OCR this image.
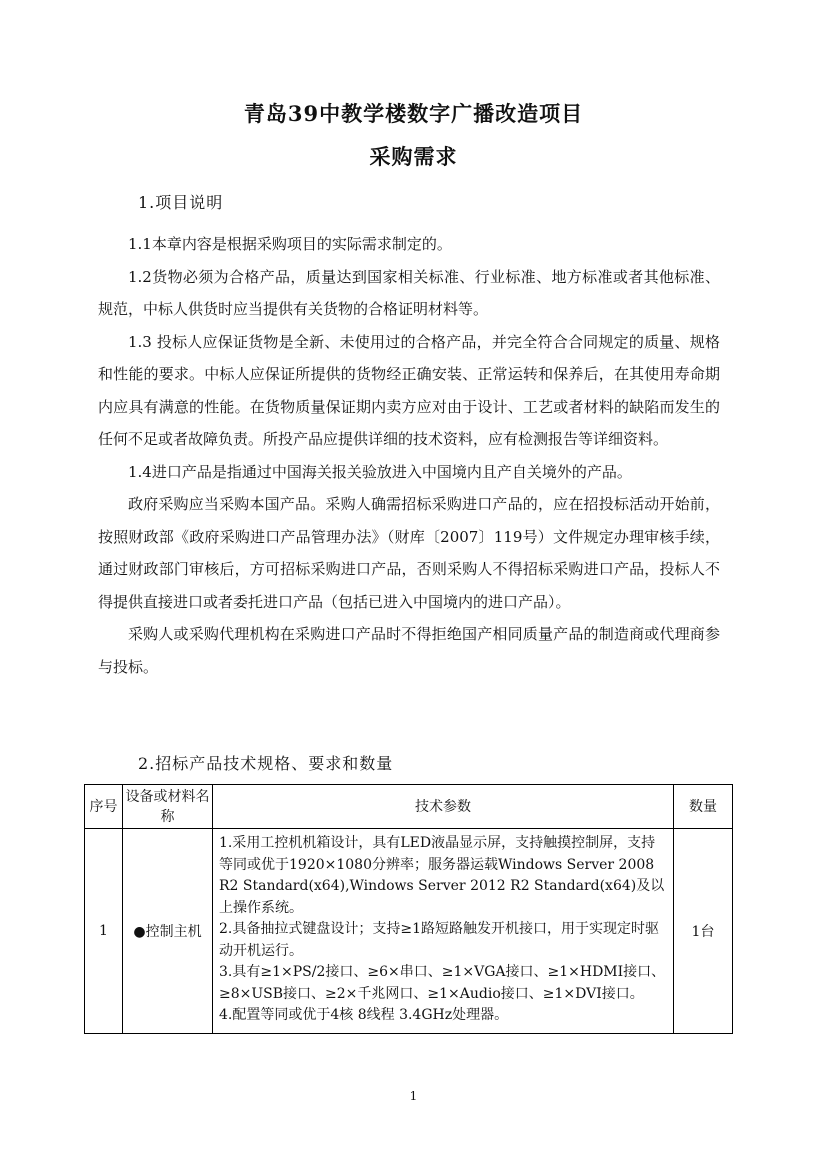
青岛39中教学楼数字广播改造项目
采购需求
1.项目说明

1.1本章内容是根据采购项目的实际需求制定的。

1.2货物必须为合格产品，质量达到国家相关标准、行业标准、地方标准或者其他标准、规范，中标人供货时应当提供有关货物的合格证明材料等。

1.3 投标人应保证货物是全新、未使用过的合格产品，并完全符合合同规定的质量、规格和性能的要求。中标人应保证所提供的货物经正确安装、正常运转和保养后，在其使用寿命期内应具有满意的性能。在货物质量保证期内卖方应对由于设计、工艺或者材料的缺陷而发生的任何不足或者故障负责。所投产品应提供详细的技术资料，应有检测报告等详细资料。

1.4进口产品是指通过中国海关报关验放进入中国境内且产自关境外的产品。

政府采购应当采购本国产品。采购人确需招标采购进口产品的，应在招投标活动开始前，按照财政部《政府采购进口产品管理办法》（财库〔2007〕119号）文件规定办理审核手续，通过财政部门审核后，方可招标采购进口产品，否则采购人不得招标采购进口产品，投标人不得提供直接进口或者委托进口产品（包括已进入中国境内的进口产品）。

采购人或采购代理机构在采购进口产品时不得拒绝国产相同质量产品的制造商或代理商参与投标。

2.招标产品技术规格、要求和数量
序号	设备或材料名称	技术参数	数量
1	●控制主机	1.采用工控机机箱设计，具有LED液晶显示屏，支持触摸控制屏，支持等同或优于1920×1080分辨率；服务器运载Windows Server 2008 R2 Standard(x64),Windows Server 2012 R2 Standard(x64)及以上操作系统。
2.具备抽拉式键盘设计；支持≥1路短路触发开机接口，用于实现定时驱动开机运行。
3.具有≥1×PS/2接口、≥6×串口、≥1×VGA接口、≥1×HDMI接口、≥8×USB接口、≥2×千兆网口、≥1×Audio接口、≥1×DVI接口。
4.配置等同或优于4核 8线程 3.4GHz处理器。	1台
1
